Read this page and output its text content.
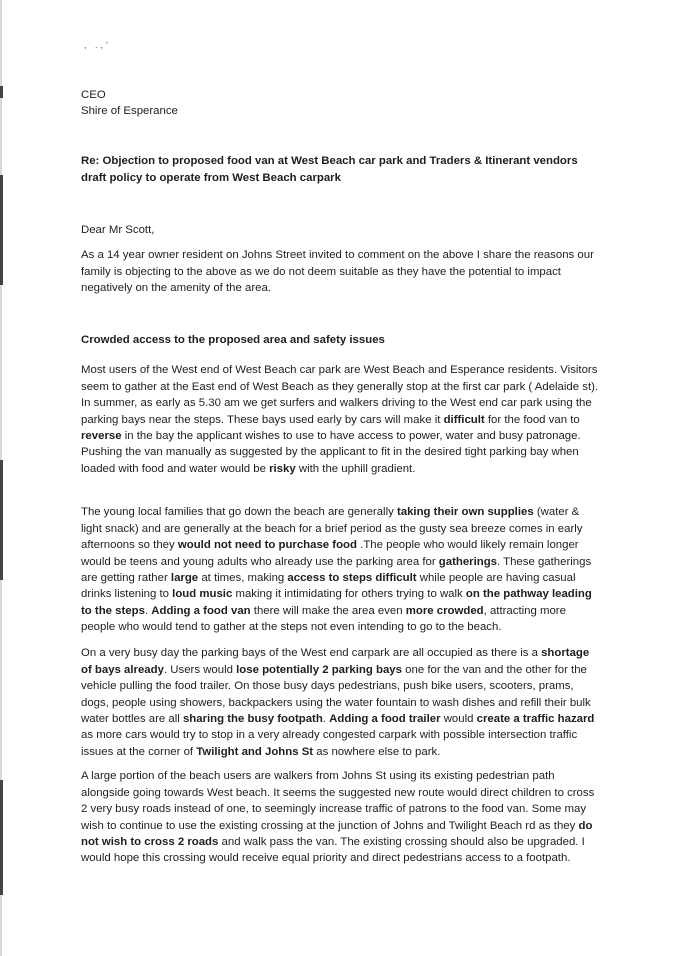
, .,'

CEO

Shire of Esperance

Re: Objection to proposed food van at West Beach car park and Traders & Itinerant vendors draft policy to operate from West Beach carpark

Dear Mr Scott,

As a 14 year owner resident on Johns Street invited to comment on the above I share the reasons our family is objecting to the above as we do not deem suitable as they have the potential to impact negatively on the amenity of the area.

Crowded access to the proposed area and safety issues

Most users of the West end of West Beach car park are West Beach and Esperance residents. Visitors seem to gather at the East end of West Beach as they generally stop at the first car park ( Adelaide st). In summer, as early as 5.30 am we get surfers and walkers driving to the West end car park using the parking bays near the steps. These bays used early by cars will make it difficult for the food van to reverse in the bay the applicant wishes to use to have access to power, water and busy patronage. Pushing the van manually as suggested by the applicant to fit in the desired tight parking bay when loaded with food and water would be risky with the uphill gradient.

The young local families that go down the beach are generally taking their own supplies (water & light snack) and are generally at the beach for a brief period as the gusty sea breeze comes in early afternoons so they would not need to purchase food .The people who would likely remain longer would be teens and young adults who already use the parking area for gatherings. These gatherings are getting rather large at times, making access to steps difficult while people are having casual drinks listening to loud music making it intimidating for others trying to walk on the pathway leading to the steps. Adding a food van there will make the area even more crowded, attracting more people who would tend to gather at the steps not even intending to go to the beach.

On a very busy day the parking bays of the West end carpark are all occupied as there is a shortage of bays already. Users would lose potentially 2 parking bays one for the van and the other for the vehicle pulling the food trailer. On those busy days pedestrians, push bike users, scooters, prams, dogs, people using showers, backpackers using the water fountain to wash dishes and refill their bulk water bottles are all sharing the busy footpath. Adding a food trailer would create a traffic hazard as more cars would try to stop in a very already congested carpark with possible intersection traffic issues at the corner of Twilight and Johns St as nowhere else to park.

A large portion of the beach users are walkers from Johns St using its existing pedestrian path alongside going towards West beach. It seems the suggested new route would direct children to cross 2 very busy roads instead of one, to seemingly increase traffic of patrons to the food van. Some may wish to continue to use the existing crossing at the junction of Johns and Twilight Beach rd as they do not wish to cross 2 roads and walk pass the van. The existing crossing should also be upgraded. I would hope this crossing would receive equal priority and direct pedestrians access to a footpath.
